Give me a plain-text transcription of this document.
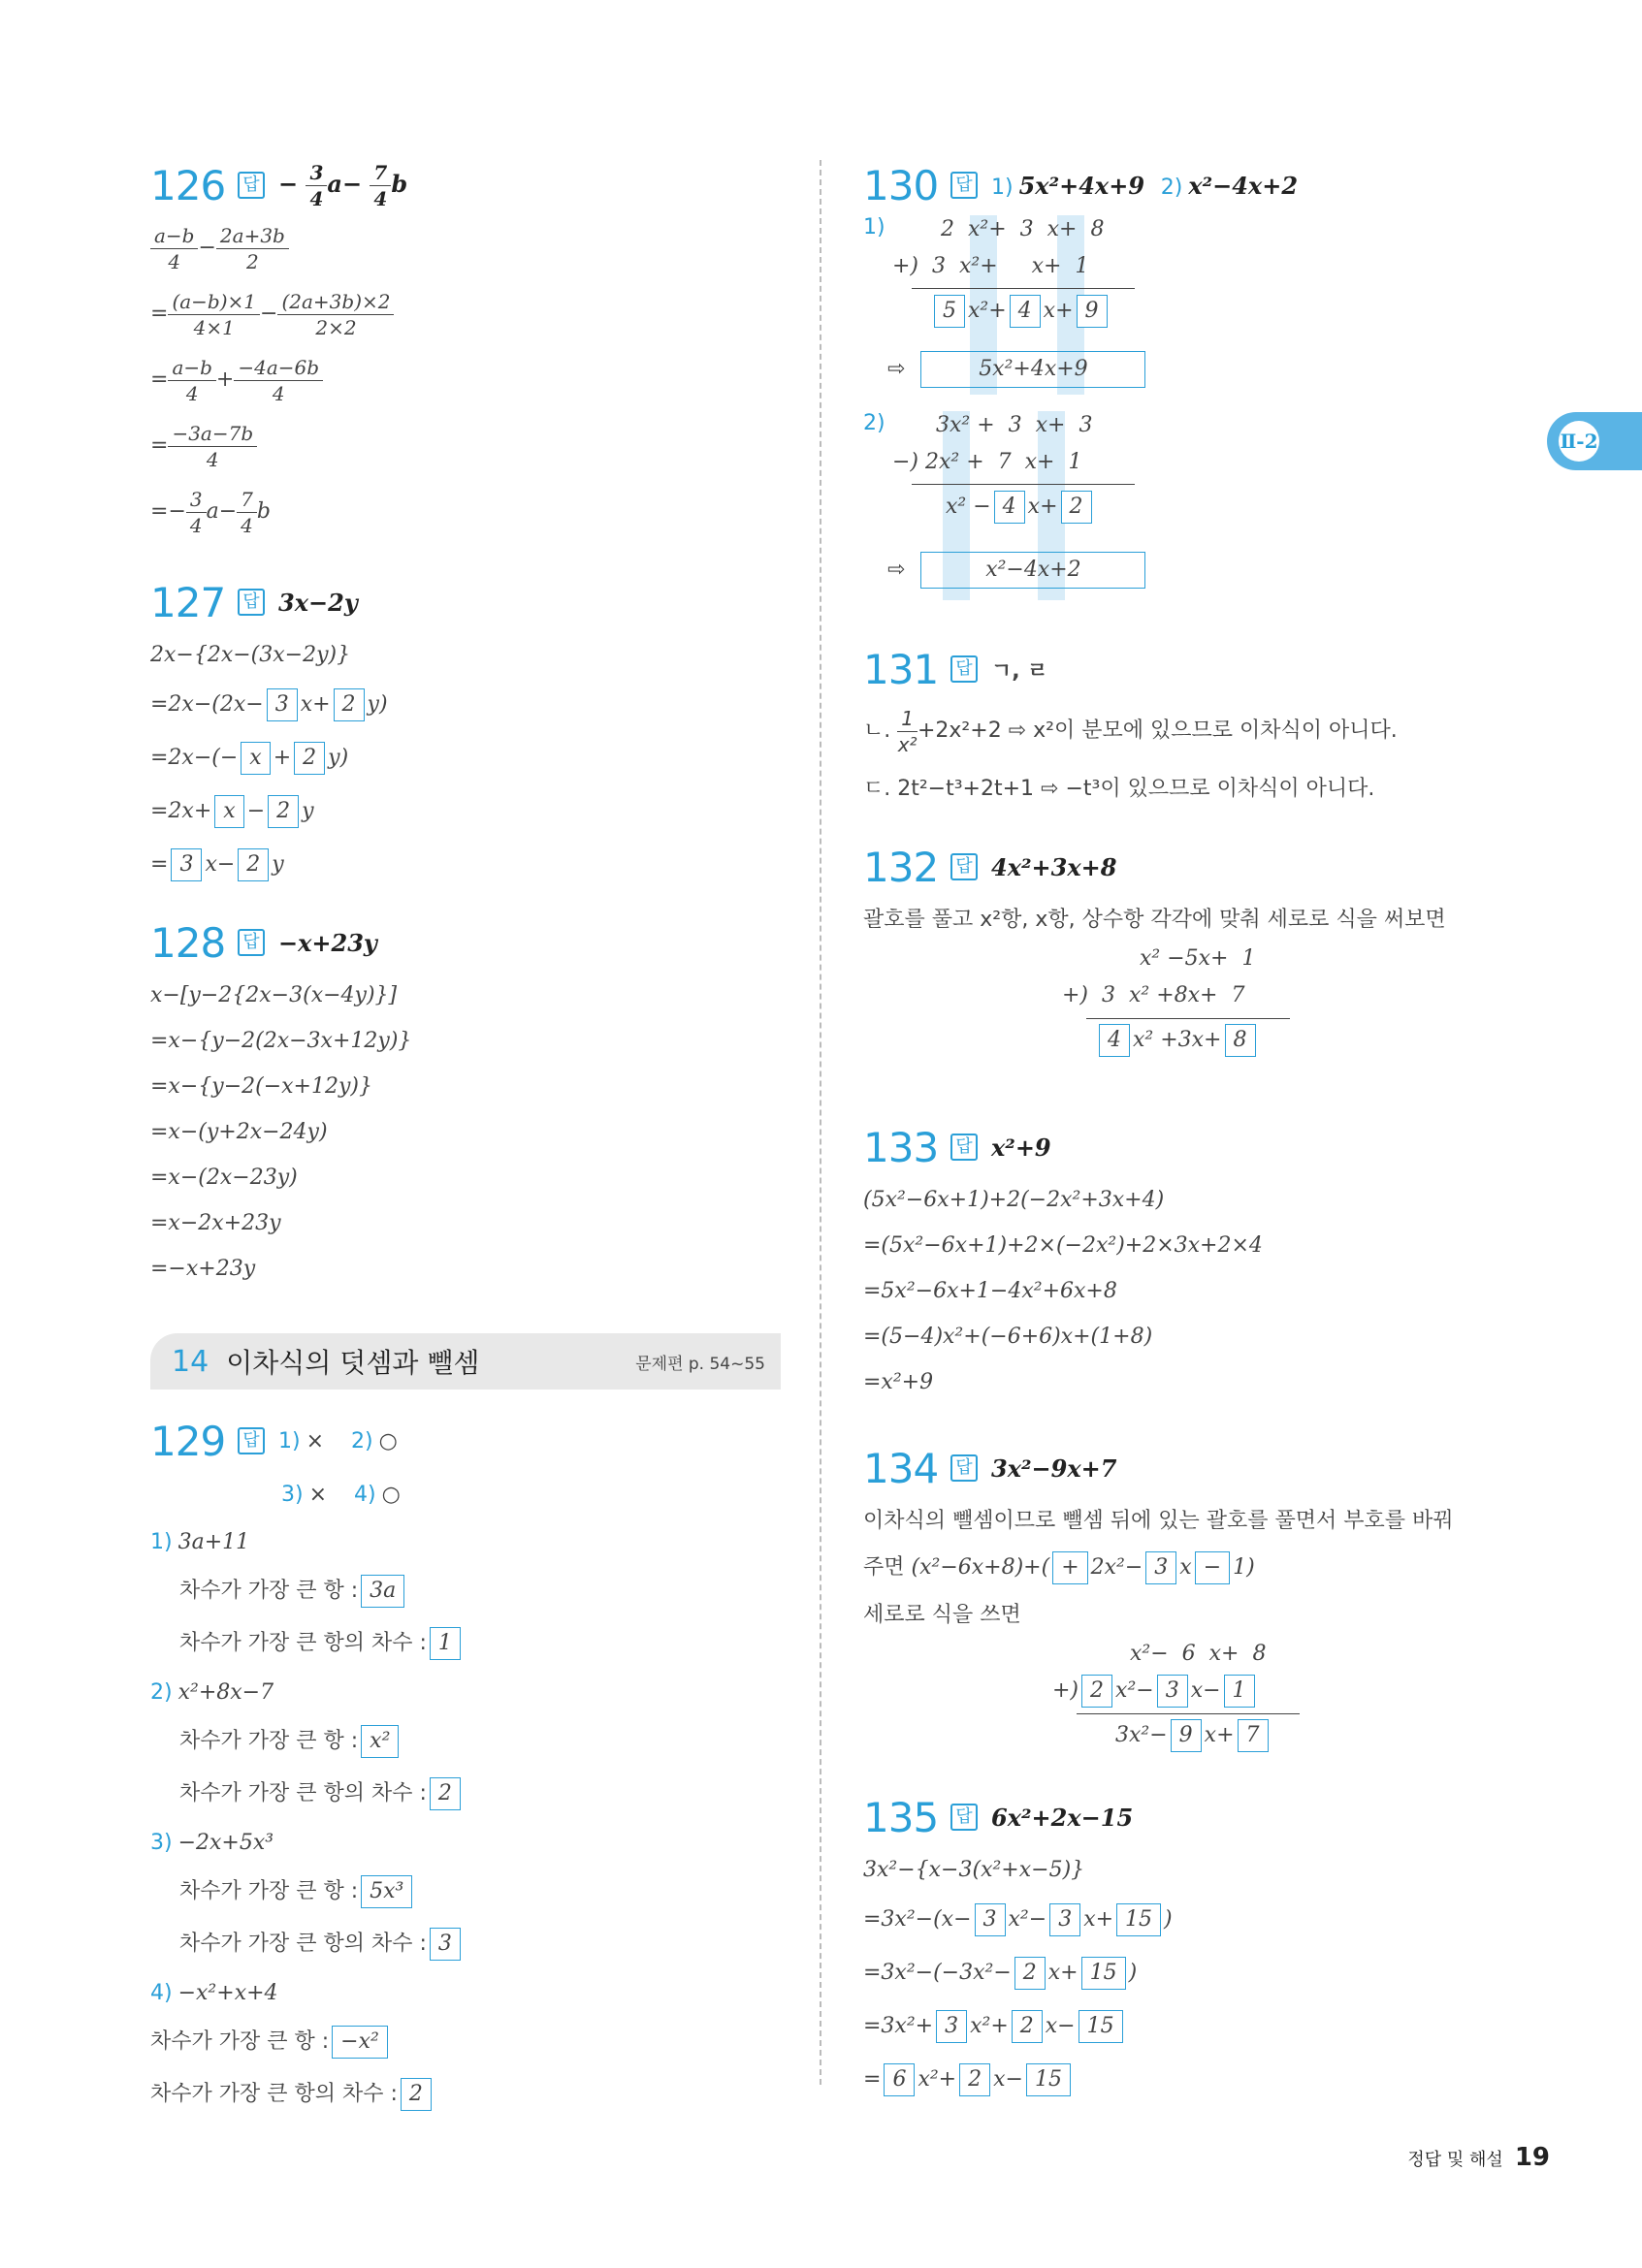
126	답 − $\frac{3}{4} a- \frac{7}{4}$ b
$\frac{a-b}{4} - \frac{2a+3b}{2}$
= $\frac{(a-b)\times 1}{4\times 1} - \frac{(2a+3b)\times 2}{2\times 2}$
= $\frac{a-b}{4} + \frac{-4a-6b}{4}$
= $\frac{-3a-7b}{4}$
=− $\frac{3}{4} a- \frac{7}{4}$ b
127	답 3x−2y
2x−{2x−(3x−2y)}
=2x−(2x− 3 x+ 2 y)
=2x−(− x + 2 y)
=2x+ x − 2 y
= 3 x− 2 y
128	답 −x+23y
x−[y−2{2x−3(x−4y)}]
=x−{y−2(2x−3x+12y)}
=x−{y−2(−x+12y)}
=x−(y+2x−24y)
=x−(2x−23y)
=x−2x+23y
=−x+23y
14 이차식의 덧셈과 뺄셈	문제편 p. 54~55
129	답 1) × 2) ○
3) × 4) ○
1) 3a+11
차수가 가장 큰 항 : 3a
차수가 가장 큰 항의 차수 : 1
2) x²+8x−7
차수가 가장 큰 항 : x²
차수가 가장 큰 항의 차수 : 2
3) −2x+5x³
차수가 가장 큰 항 : 5x³
차수가 가장 큰 항의 차수 : 3
4) −x²+x+4
차수가 가장 큰 항 : −x²
차수가 가장 큰 항의 차수 : 2
130	답 1) 5x²+4x+9 2) x²−4x+2
1)	2  x²+  3  x+  8
+)  3  x²+     x+  1
5 x²+ 4 x+ 9
⇨	5x²+4x+9
2) 3x² +  3  x+  3
−) 2x² +  7  x+  1
x² − 4 x+ 2
⇨	x²−4x+2
131	답 ㄱ, ㄹ
ㄴ. $\frac{1}{\text{x²}} +2x^2+2$ ⇨ x²이 분모에 있으므로 이차식이 아니다.
ㄷ. 2t²−t³+2t+1 ⇨ −t³이 있으므로 이차식이 아니다.
132	답 4x²+3x+8
괄호를 풀고 x²항, x항, 상수항 각각에 맞춰 세로로 식을 써보면
x² −5x+  1
+)  3  x² +8x+  7
4 x² +3x+ 8
133	답 x²+9
(5x²−6x+1)+2(−2x²+3x+4)
=(5x²−6x+1)+2×(−2x²)+2×3x+2×4
=5x²−6x+1−4x²+6x+8
=(5−4)x²+(−6+6)x+(1+8)
=x²+9
134	답 3x²−9x+7
이차식의 뺄셈이므로 뺄셈 뒤에 있는 괄호를 풀면서 부호를 바꿔
주면 (x²−6x+8)+( + 2x²− 3 x − 1)
세로로 식을 쓰면
x²−  6  x+  8
+) 2 x²− 3 x− 1
3x²− 9 x+ 7
135	답 6x²+2x−15
3x²−{x−3(x²+x−5)}
=3x²−(x− 3 x²− 3 x+ 15 )
=3x²−(−3x²− 2 x+ 15 )
=3x²+ 3 x²+ 2 x− 15
= 6 x²+ 2 x− 15
Ⅱ-2
정답 및 해설 19
